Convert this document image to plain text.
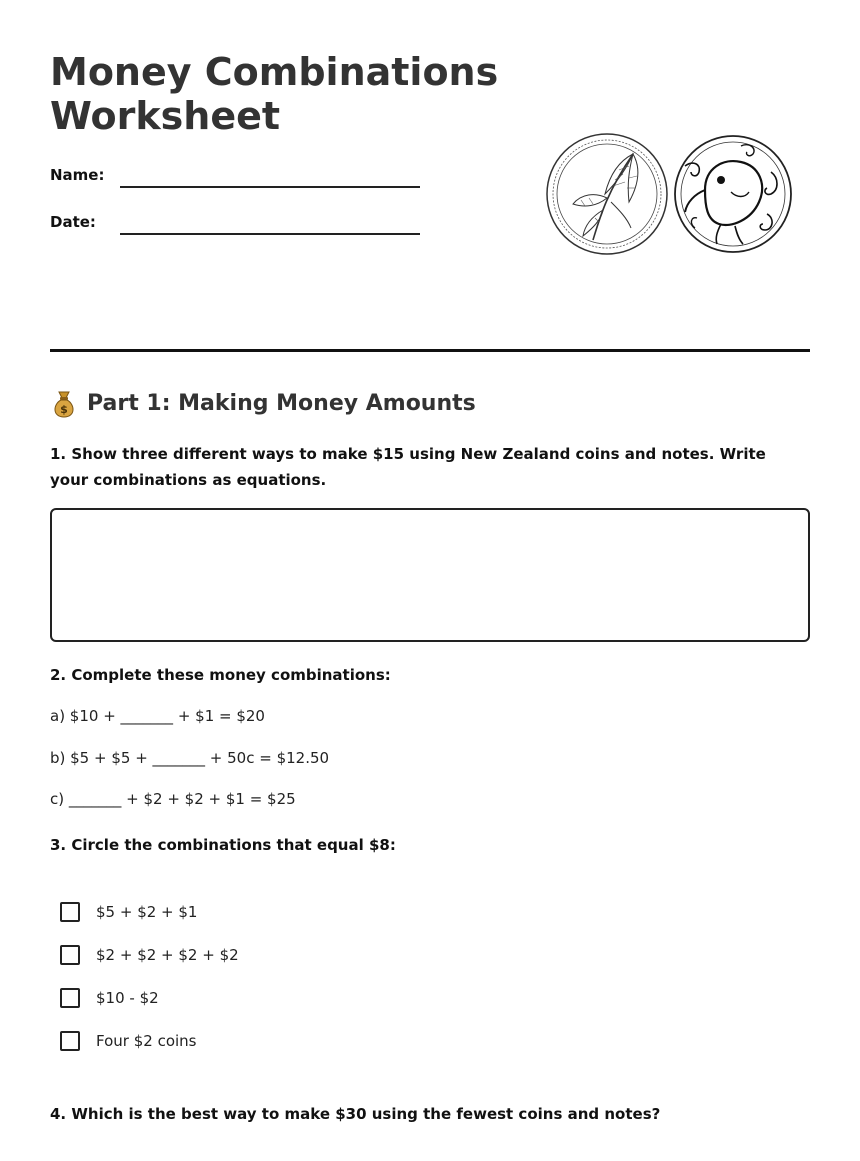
Money Combinations Worksheet
Name:
Date:
$ Part 1: Making Money Amounts

1. Show three different ways to make $15 using New Zealand coins and notes. Write your combinations as equations.

2. Complete these money combinations:

a) $10 + _______ + $1 = $20
b) $5 + $5 + _______ + 50c = $12.50
c) _______ + $2 + $2 + $1 = $25

3. Circle the combinations that equal $8:

$5 + $2 + $1
$2 + $2 + $2 + $2
$10 - $2
Four $2 coins

4. Which is the best way to make $30 using the fewest coins and notes?
